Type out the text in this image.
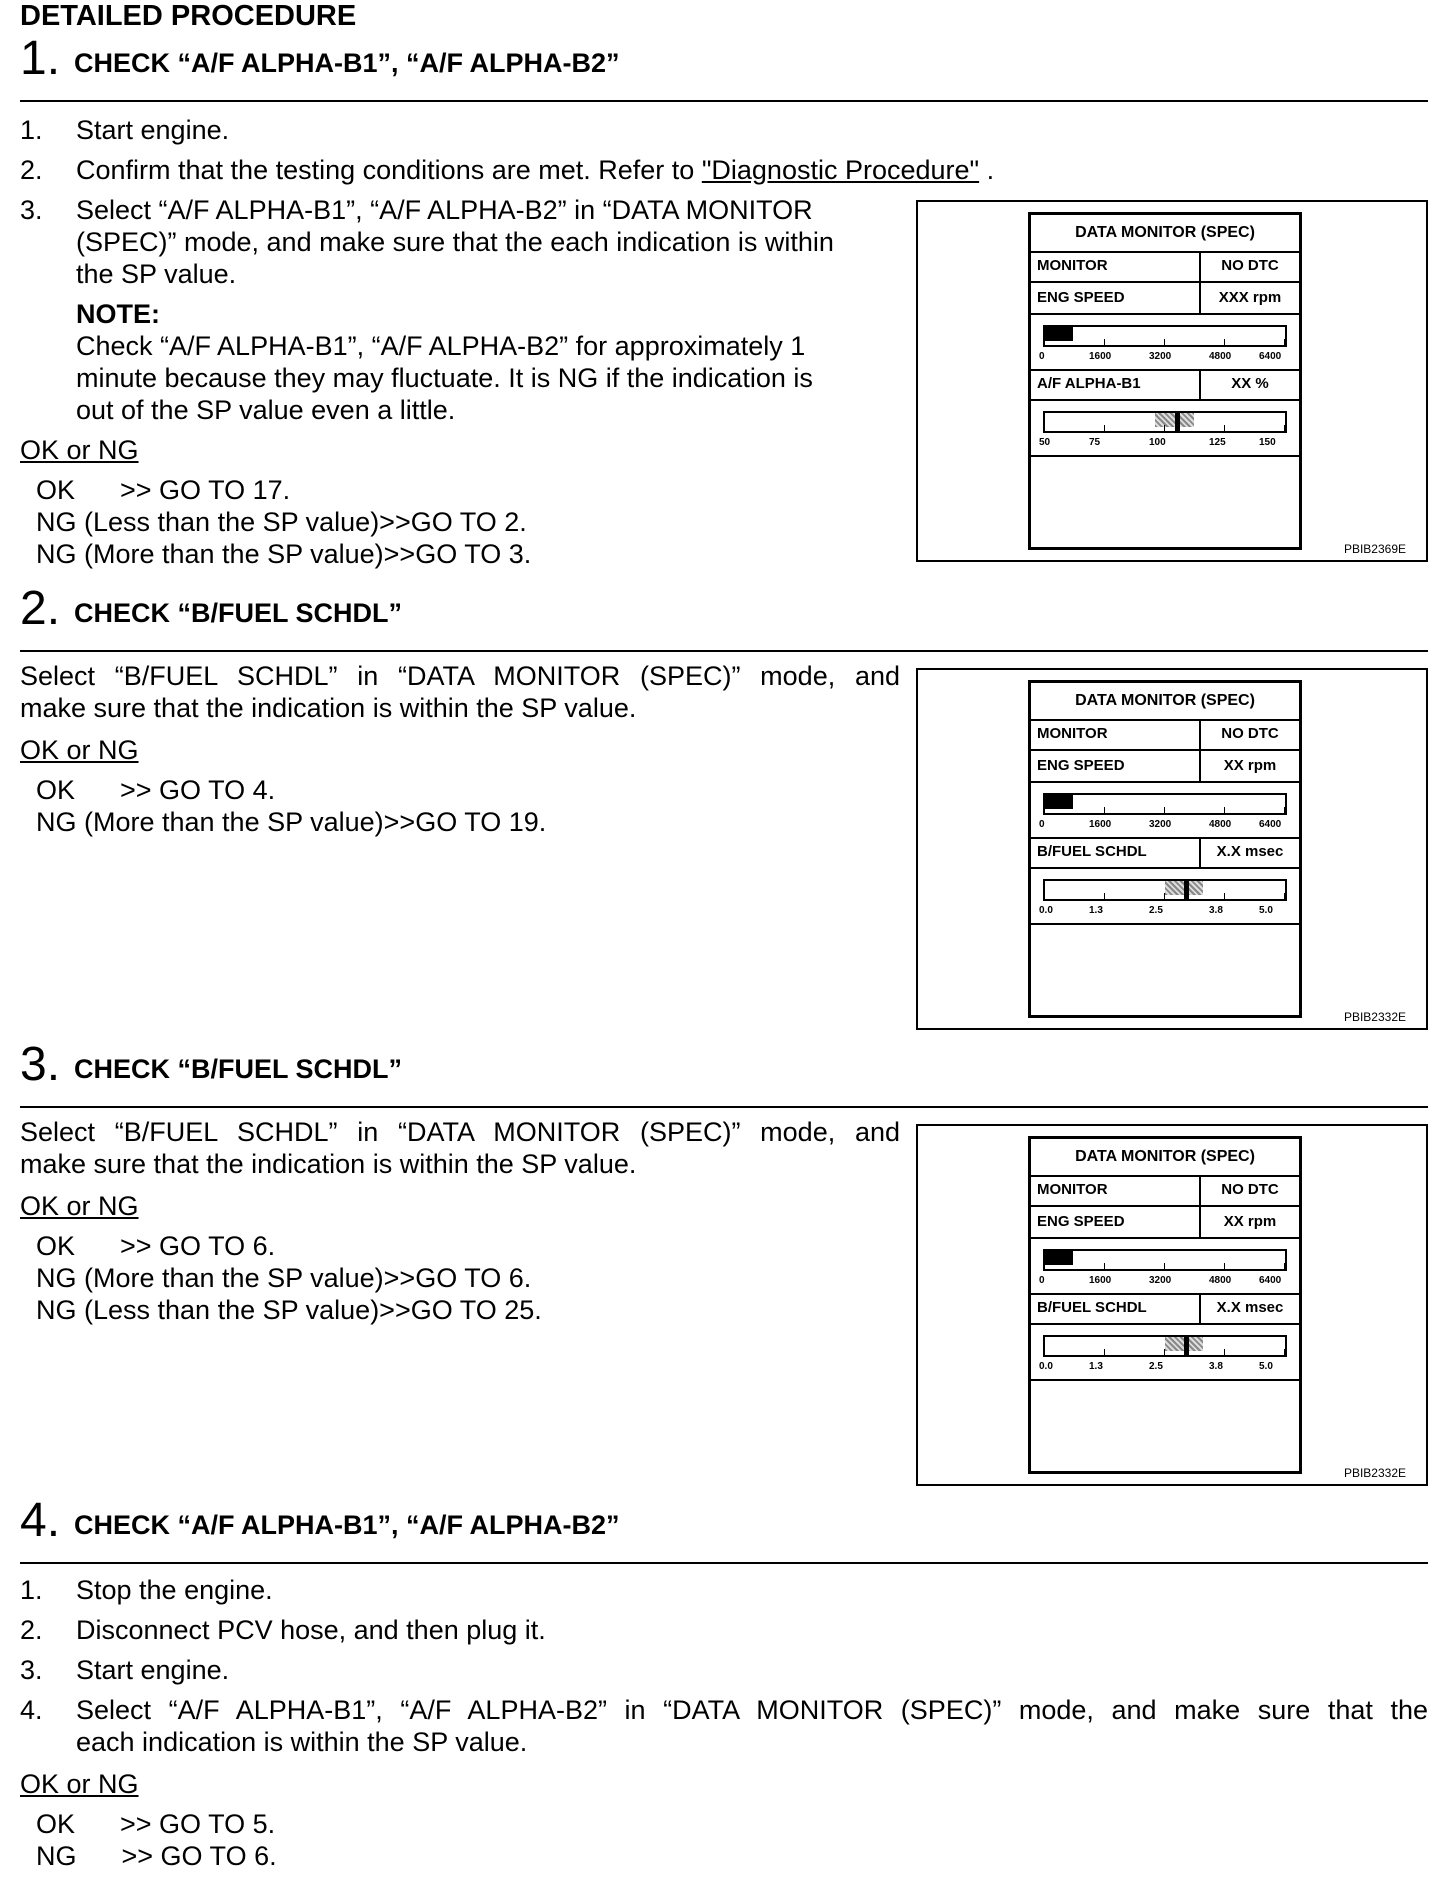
DETAILED PROCEDURE
1. CHECK “A/F ALPHA-B1”, “A/F ALPHA-B2”
1. Start engine.
2. Confirm that the testing conditions are met. Refer to "Diagnostic Procedure" .
3. Select “A/F ALPHA-B1”, “A/F ALPHA-B2” in “DATA MONITOR
(SPEC)” mode, and make sure that the each indication is within
the SP value.
NOTE:
Check “A/F ALPHA-B1”, “A/F ALPHA-B2” for approximately 1
minute because they may fluctuate. It is NG if the indication is
out of the SP value even a little.
OK or NG
OK      >> GO TO 17.
NG (Less than the SP value)>>GO TO 2.
NG (More than the SP value)>>GO TO 3.
DATA MONITOR (SPEC)
MONITOR	NO DTC
ENG SPEED	XXX rpm
0	1600	3200	4800	6400
A/F ALPHA-B1	XX %
50	75	100	125	150
PBIB2369E
2. CHECK “B/FUEL SCHDL”
Select “B/FUEL SCHDL” in “DATA MONITOR (SPEC)” mode, and
make sure that the indication is within the SP value.
OK or NG
OK      >> GO TO 4.
NG (More than the SP value)>>GO TO 19.
DATA MONITOR (SPEC)
MONITOR	NO DTC
ENG SPEED	XX rpm
0	1600	3200	4800	6400
B/FUEL SCHDL	X.X msec
0.0	1.3	2.5	3.8	5.0
PBIB2332E
3. CHECK “B/FUEL SCHDL”
Select “B/FUEL SCHDL” in “DATA MONITOR (SPEC)” mode, and
make sure that the indication is within the SP value.
OK or NG
OK      >> GO TO 6.
NG (More than the SP value)>>GO TO 6.
NG (Less than the SP value)>>GO TO 25.
DATA MONITOR (SPEC)
MONITOR	NO DTC
ENG SPEED	XX rpm
0	1600	3200	4800	6400
B/FUEL SCHDL	X.X msec
0.0	1.3	2.5	3.8	5.0
PBIB2332E
4. CHECK “A/F ALPHA-B1”, “A/F ALPHA-B2”
1. Stop the engine.
2. Disconnect PCV hose, and then plug it.
3. Start engine.
4. Select “A/F ALPHA-B1”, “A/F ALPHA-B2” in “DATA MONITOR (SPEC)” mode, and make sure that the
each indication is within the SP value.
OK or NG
OK      >> GO TO 5.
NG      >> GO TO 6.
